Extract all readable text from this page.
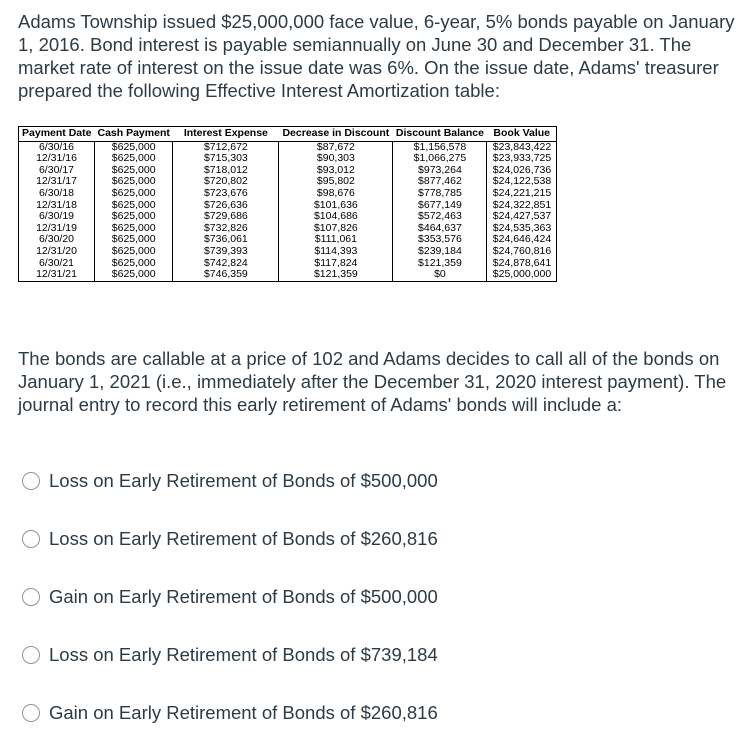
Adams Township issued $25,000,000 face value, 6-year, 5% bonds payable on January 1, 2016. Bond interest is payable semiannually on June 30 and December 31. The market rate of interest on the issue date was 6%. On the issue date, Adams' treasurer prepared the following Effective Interest Amortization table:
Payment Date	Cash Payment	Interest Expense	Decrease in Discount	Discount Balance	Book Value
6/30/16	$625,000	$712,672	$87,672	$1,156,578	$23,843,422
12/31/16	$625,000	$715,303	$90,303	$1,066,275	$23,933,725
6/30/17	$625,000	$718,012	$93,012	$973,264	$24,026,736
12/31/17	$625,000	$720,802	$95,802	$877,462	$24,122,538
6/30/18	$625,000	$723,676	$98,676	$778,785	$24,221,215
12/31/18	$625,000	$726,636	$101,636	$677,149	$24,322,851
6/30/19	$625,000	$729,686	$104,686	$572,463	$24,427,537
12/31/19	$625,000	$732,826	$107,826	$464,637	$24,535,363
6/30/20	$625,000	$736,061	$111,061	$353,576	$24,646,424
12/31/20	$625,000	$739,393	$114,393	$239,184	$24,760,816
6/30/21	$625,000	$742,824	$117,824	$121,359	$24,878,641
12/31/21	$625,000	$746,359	$121,359	$0	$25,000,000
The bonds are callable at a price of 102 and Adams decides to call all of the bonds on January 1, 2021 (i.e., immediately after the December 31, 2020 interest payment). The journal entry to record this early retirement of Adams' bonds will include a:
Loss on Early Retirement of Bonds of $500,000
Loss on Early Retirement of Bonds of $260,816
Gain on Early Retirement of Bonds of $500,000
Loss on Early Retirement of Bonds of $739,184
Gain on Early Retirement of Bonds of $260,816
